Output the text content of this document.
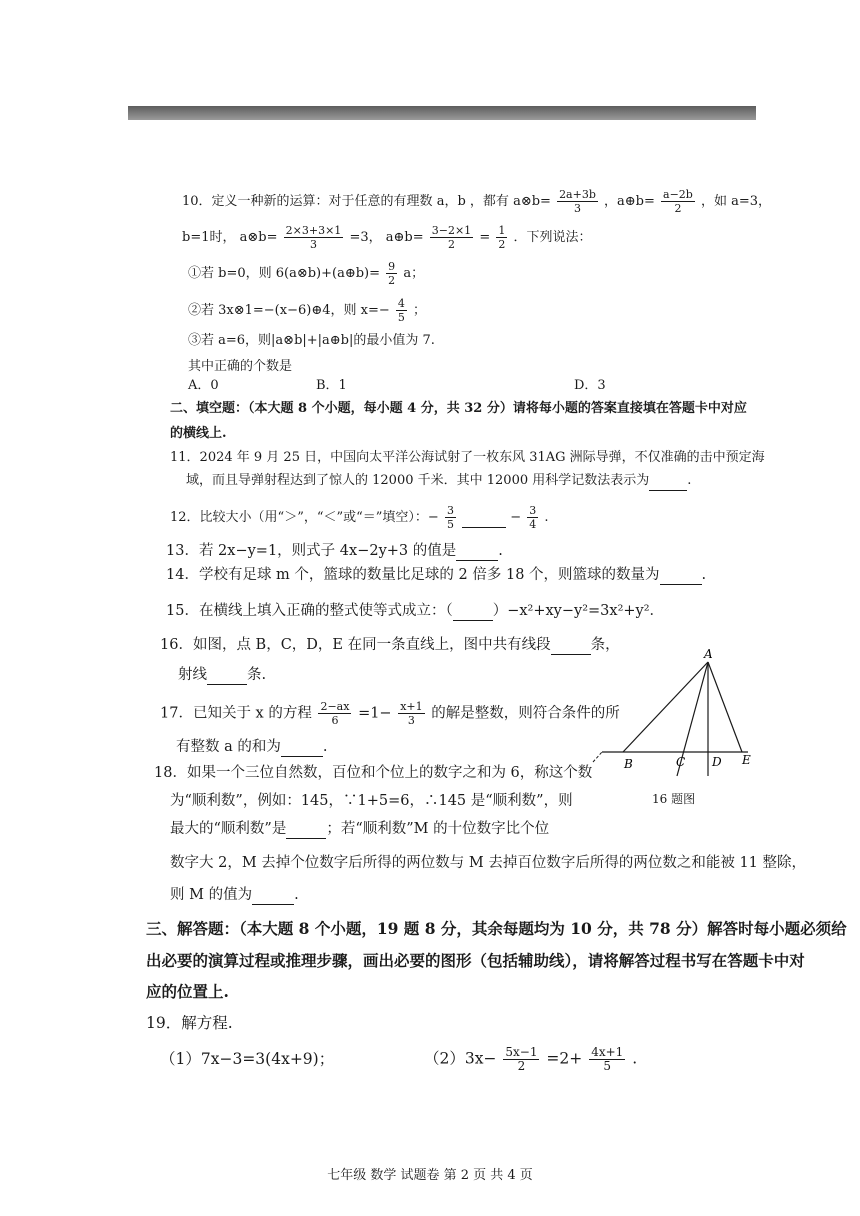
10．定义一种新的运算：对于任意的有理数 a，b ，都有 a⊗b= $\frac{2a+3b}{3}$ ，a⊕b= $\frac{a-2b}{2}$ ，如 a=3，
b=1时， a⊗b= $\frac{2\times 3+3\times 1}{3} =3$， a⊕b= $\frac{3-2\times 1}{2} = \frac{1}{2}$ ．下列说法：
①若 b=0，则 6(a⊗b)+(a⊕b)= $\frac{9}{2}$ a；
②若 3x⊗1=−(x−6)⊕4，则 $x=- \frac{4}{5}$ ；
③若 a=6，则|a⊗b|+|a⊕b|的最小值为 7.
其中正确的个数是
A．0	B．1	D．3
二、填空题：（本大题 8 个小题，每小题 4 分，共 32 分）请将每小题的答案直接填在答题卡中对应
的横线上.
11．2024 年 9 月 25 日，中国向太平洋公海试射了一枚东风 31AG 洲际导弹，不仅准确的击中预定海
域，而且导弹射程达到了惊人的 12000 千米．其中 12000 用科学记数法表示为	.
12．比较大小（用“＞”，“＜”或“＝”填空）：− $\frac{3}{5}$	− $\frac{3}{4}$ .
13．若 2x−y=1，则式子 4x−2y+3 的值是	.
14．学校有足球 m 个，篮球的数量比足球的 2 倍多 18 个，则篮球的数量为	.
15．在横线上填入正确的整式使等式成立：（	）−x²+xy−y²=3x²+y²．
16．如图，点 B，C，D，E 在同一条直线上，图中共有线段	条，
射线	条.
17．已知关于 x 的方程 $\frac{2-ax}{6} =1- \frac{x+1}{3}$ 的解是整数，则符合条件的所
有整数 a 的和为	.
18．如果一个三位自然数，百位和个位上的数字之和为 6，称这个数
为“顺利数”，例如：145，∵1+5=6，∴145 是“顺利数”，则
最大的“顺利数”是	；若“顺利数”M 的十位数字比个位
数字大 2，M 去掉个位数字后所得的两位数与 M 去掉百位数字后所得的两位数之和能被 11 整除，
则 M 的值为	.
A
B	C D E
16 题图
三、解答题：（本大题 8 个小题，19 题 8 分，其余每题均为 10 分，共 78 分）解答时每小题必须给
出必要的演算过程或推理步骤，画出必要的图形（包括辅助线），请将解答过程书写在答题卡中对
应的位置上.
19．解方程.
（1）7x−3=3(4x+9)；	$(2)3x- \frac{5x-1}{2} =2+ \frac{4x+1}{5}$ .
七年级 数学 试题卷 第 2 页 共 4 页
